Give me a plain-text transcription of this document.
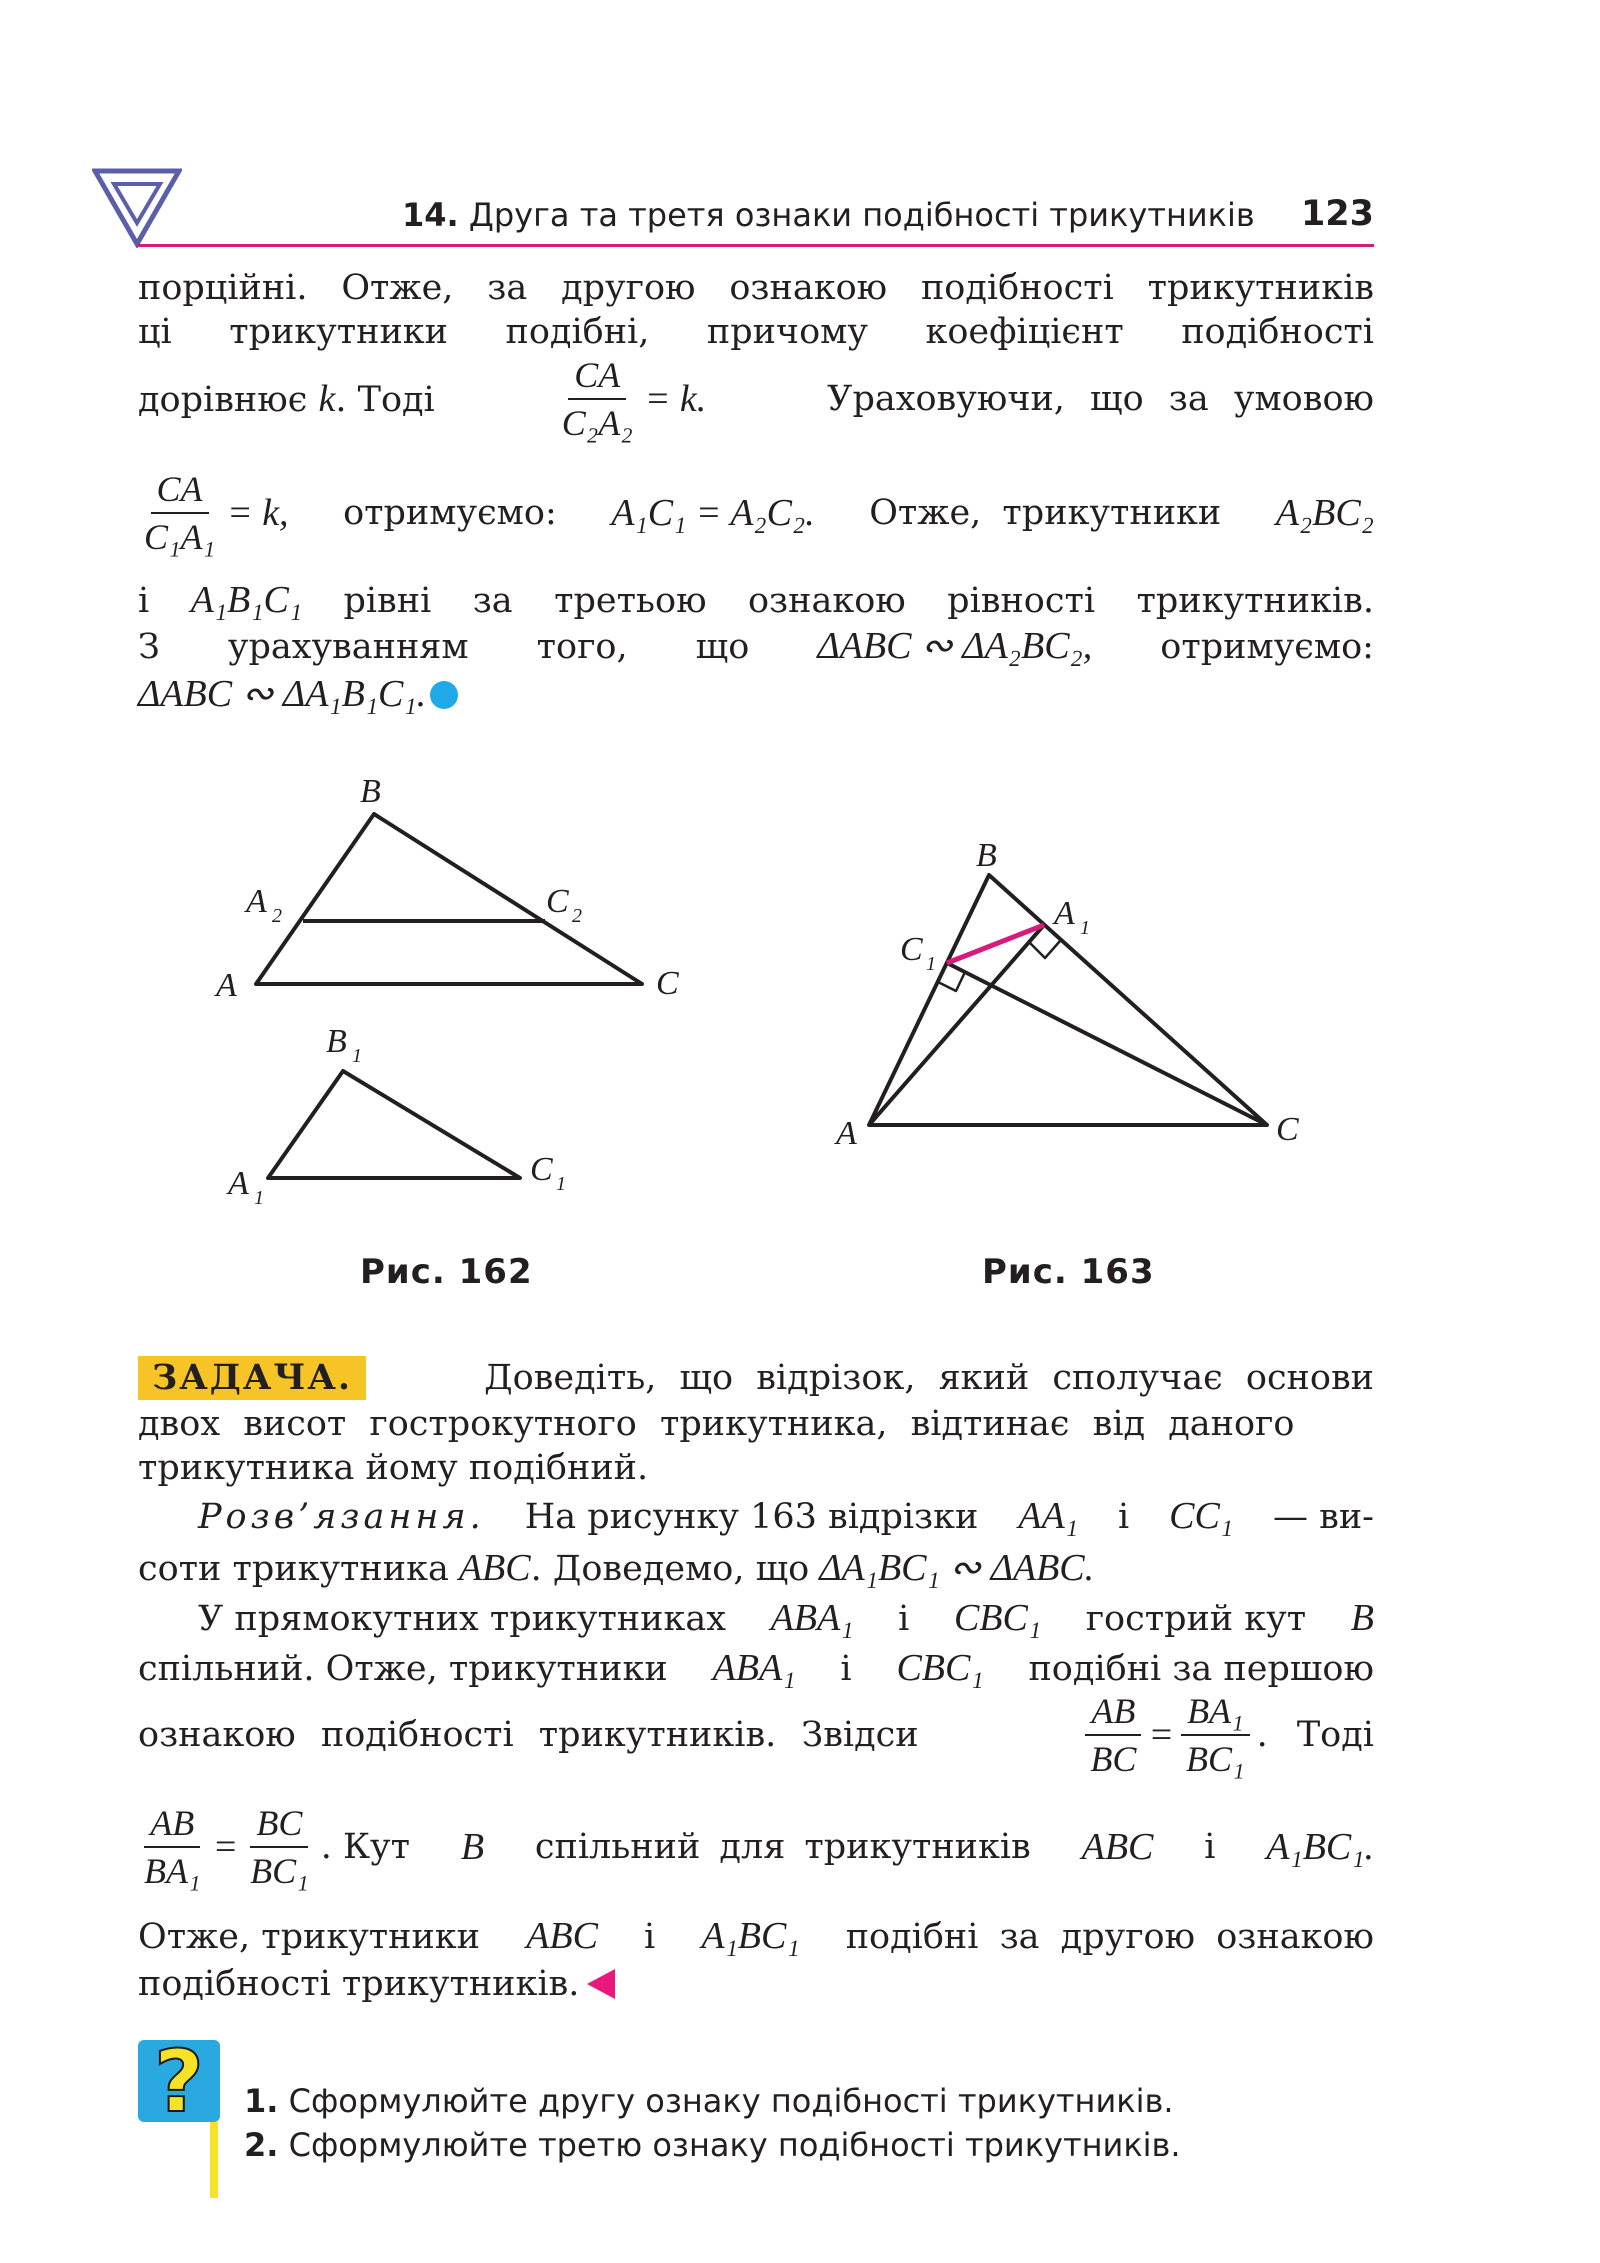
14. Друга та третя ознаки подібності трикутників 123
порційні. Отже, за другою ознакою подібності трикутників
ці трикутники подібні, причому коефіцієнт подібності
дорівнює k. Тоді	$\frac{CA}{\text{C₂A₂}} = k$.	Ураховуючи, що за умовою
$\frac{CA}{\text{C₁A₁}} = k$, отримуємо: A₁C₁ = A₂C₂. Отже, трикутники A₂BC₂
і A₁B₁C₁ рівні за третьою ознакою рівності трикутників.
З урахуванням того, що ΔABC ∾ ΔA₂BC₂, отримуємо:
ΔABC ∾ ΔA₁B₁C₁.
B
A 2	C 2
A	C
B 1
A 1
C 1
Рис. 162
B
A 1
C 1
A	C
Рис. 163
ЗАДАЧА.	Доведіть, що відрізок, який сполучає основи
двох висот гострокутного трикутника, відтинає від даного
трикутника йому подібний.
Розв’язання. На рисунку 163 відрізки AA₁ і CC₁ — ви-
соти трикутника ABC. Доведемо, що ΔA₁BC₁ ∾ ΔABC.
У прямокутних трикутниках ABA₁ і CBC₁ гострий кут B
спільний. Отже, трикутники ABA₁ і CBC₁ подібні за першою
ознакою подібності трикутників. Звідси	$\frac{AB}{BC} = \frac{\text{BA₁}}{\text{BC₁}}$ . Тоді
$\frac{AB}{\text{BA₁}} = \frac{BC}{\text{BC₁}}$ . Кут B спільний для трикутників ABC і A₁BC₁.
Отже, трикутники ABC і A₁BC₁ подібні за другою ознакою
подібності трикутників.
?	1. Сформулюйте другу ознаку подібності трикутників.
2. Сформулюйте третю ознаку подібності трикутників.
